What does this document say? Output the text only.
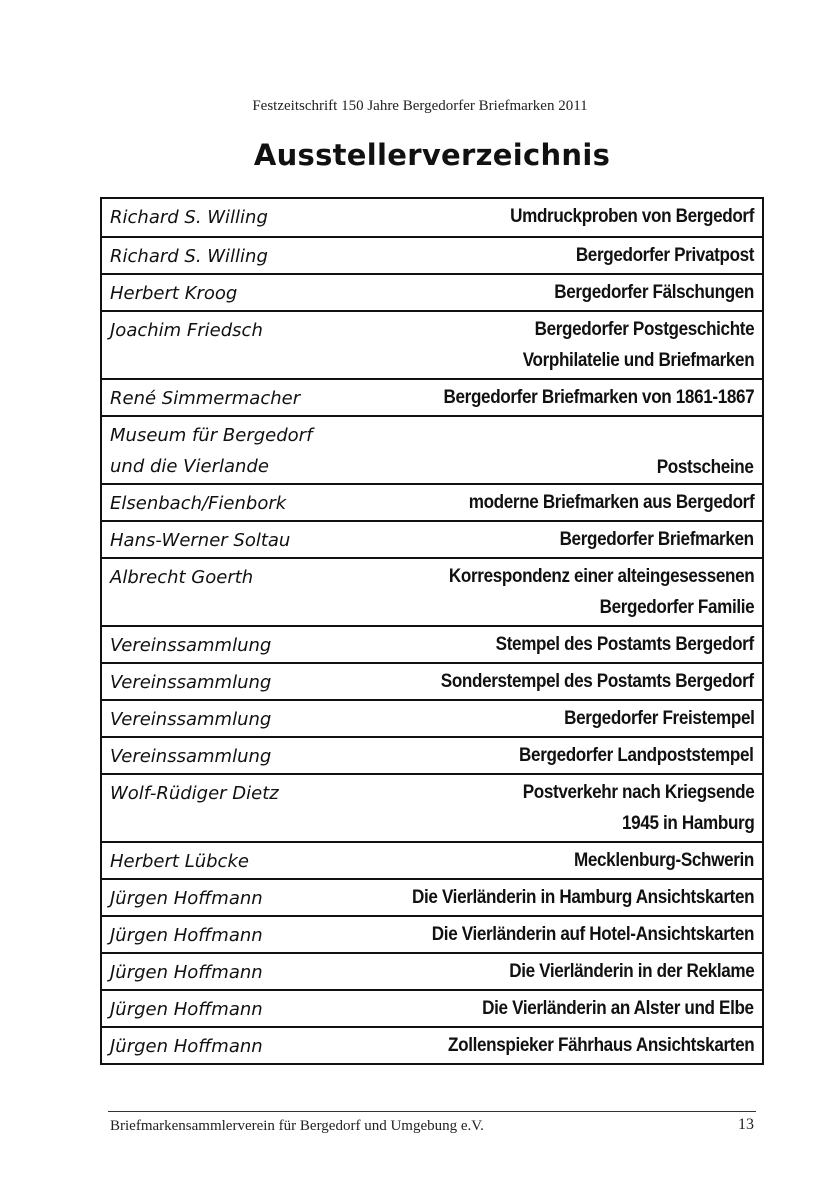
Festzeitschrift 150 Jahre Bergedorfer Briefmarken 2011
Ausstellerverzeichnis
Richard S. Willing	Umdruckproben von Bergedorf
Richard S. Willing	Bergedorfer Privatpost
Herbert Kroog	Bergedorfer Fälschungen
Joachim Friedsch	Bergedorfer Postgeschichte
Vorphilatelie und Briefmarken
René Simmermacher	Bergedorfer Briefmarken von 1861-1867
Museum für Bergedorf
und die Vierlande	Postscheine
Elsenbach/Fienbork	moderne Briefmarken aus Bergedorf
Hans-Werner Soltau	Bergedorfer Briefmarken
Albrecht Goerth	Korrespondenz einer alteingesessenen
Bergedorfer Familie
Vereinssammlung	Stempel des Postamts Bergedorf
Vereinssammlung	Sonderstempel des Postamts Bergedorf
Vereinssammlung	Bergedorfer Freistempel
Vereinssammlung	Bergedorfer Landpoststempel
Wolf-Rüdiger Dietz	Postverkehr nach Kriegsende
1945 in Hamburg
Herbert Lübcke	Mecklenburg-Schwerin
Jürgen Hoffmann	Die Vierländerin in Hamburg Ansichtskarten
Jürgen Hoffmann	Die Vierländerin auf Hotel-Ansichtskarten
Jürgen Hoffmann	Die Vierländerin in der Reklame
Jürgen Hoffmann	Die Vierländerin an Alster und Elbe
Jürgen Hoffmann	Zollenspieker Fährhaus Ansichtskarten
Briefmarkensammlerverein für Bergedorf und Umgebung e.V.	13
